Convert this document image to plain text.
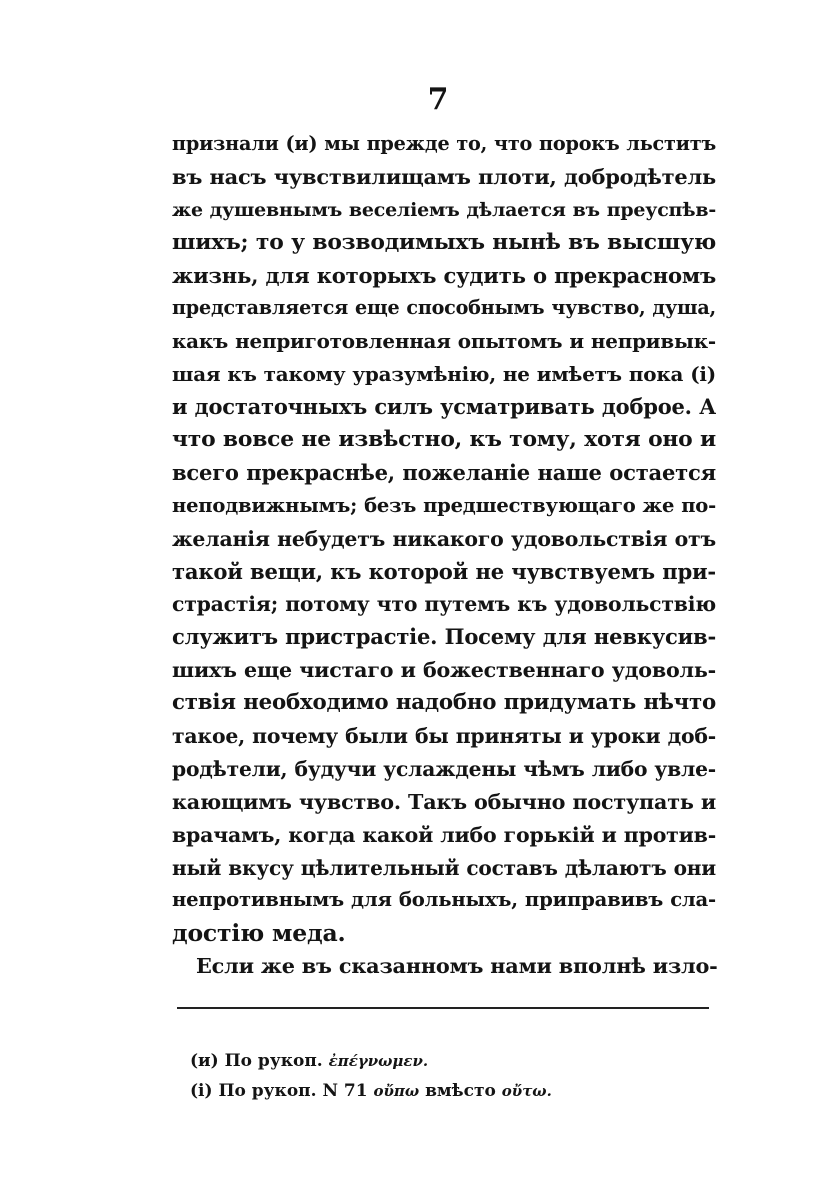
7
признали (и) мы прежде то, что порокъ льститъ
въ насъ чувствилищамъ плоти, добродѣтель
же душевнымъ веселіемъ дѣлается въ преуспѣв-
шихъ; то у возводимыхъ нынѣ въ высшую
жизнь, для которыхъ судить о прекрасномъ
представляется еще способнымъ чувство, душа,
какъ неприготовленная опытомъ и непривык-
шая къ такому уразумѣнію, не имѣетъ пока (і)
и достаточныхъ силъ усматривать доброе. А
что вовсе не извѣстно, къ тому, хотя оно и
всего прекраснѣе, пожеланіе наше остается
неподвижнымъ; безъ предшествующаго же по-
желанія небудетъ никакого удовольствія отъ
такой вещи, къ которой не чувствуемъ при-
страстія; потому что путемъ къ удовольствію
служитъ пристрастіе. Посему для невкусив-
шихъ еще чистаго и божественнаго удоволь-
ствія необходимо надобно придумать нѣчто
такое, почему были бы приняты и уроки доб-
родѣтели, будучи услаждены чѣмъ либо увле-
кающимъ чувство. Такъ обычно поступать и
врачамъ, когда какой либо горькій и против-
ный вкусу цѣлительный составъ дѣлаютъ они
непротивнымъ для больныхъ, приправивъ сла-
достію меда.
Если же въ сказанномъ нами вполнѣ изло-
(и) По рукоп. ἐπέγνωμεν.
(і) По рукоп. N 71 οὔπω вмѣсто οὔτω.
